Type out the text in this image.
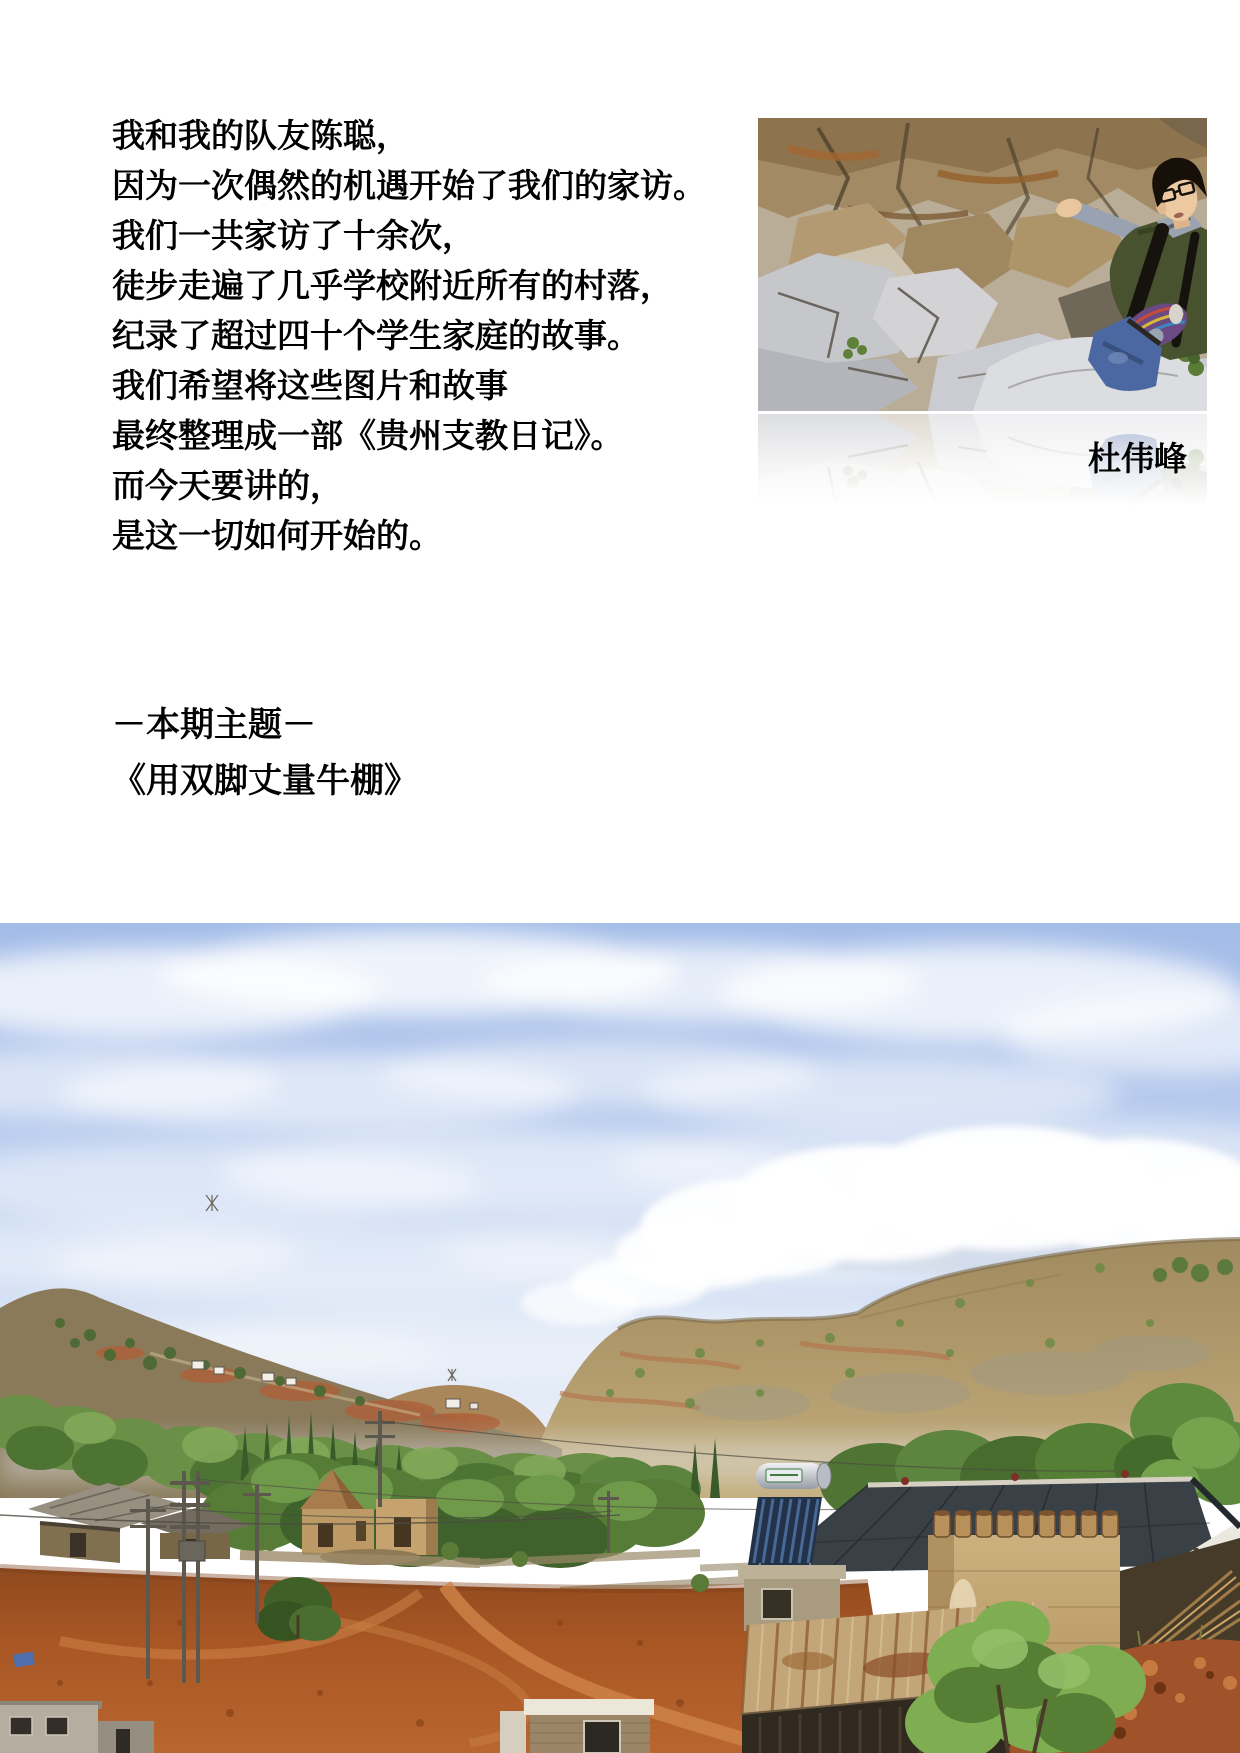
我和我的队友陈聪，
因为一次偶然的机遇开始了我们的家访。
我们一共家访了十余次，
徒步走遍了几乎学校附近所有的村落，
纪录了超过四十个学生家庭的故事。
我们希望将这些图片和故事
最终整理成一部《贵州支教日记》。
而今天要讲的，
是这一切如何开始的。
杜伟峰
－本期主题－
《用双脚丈量牛棚》
